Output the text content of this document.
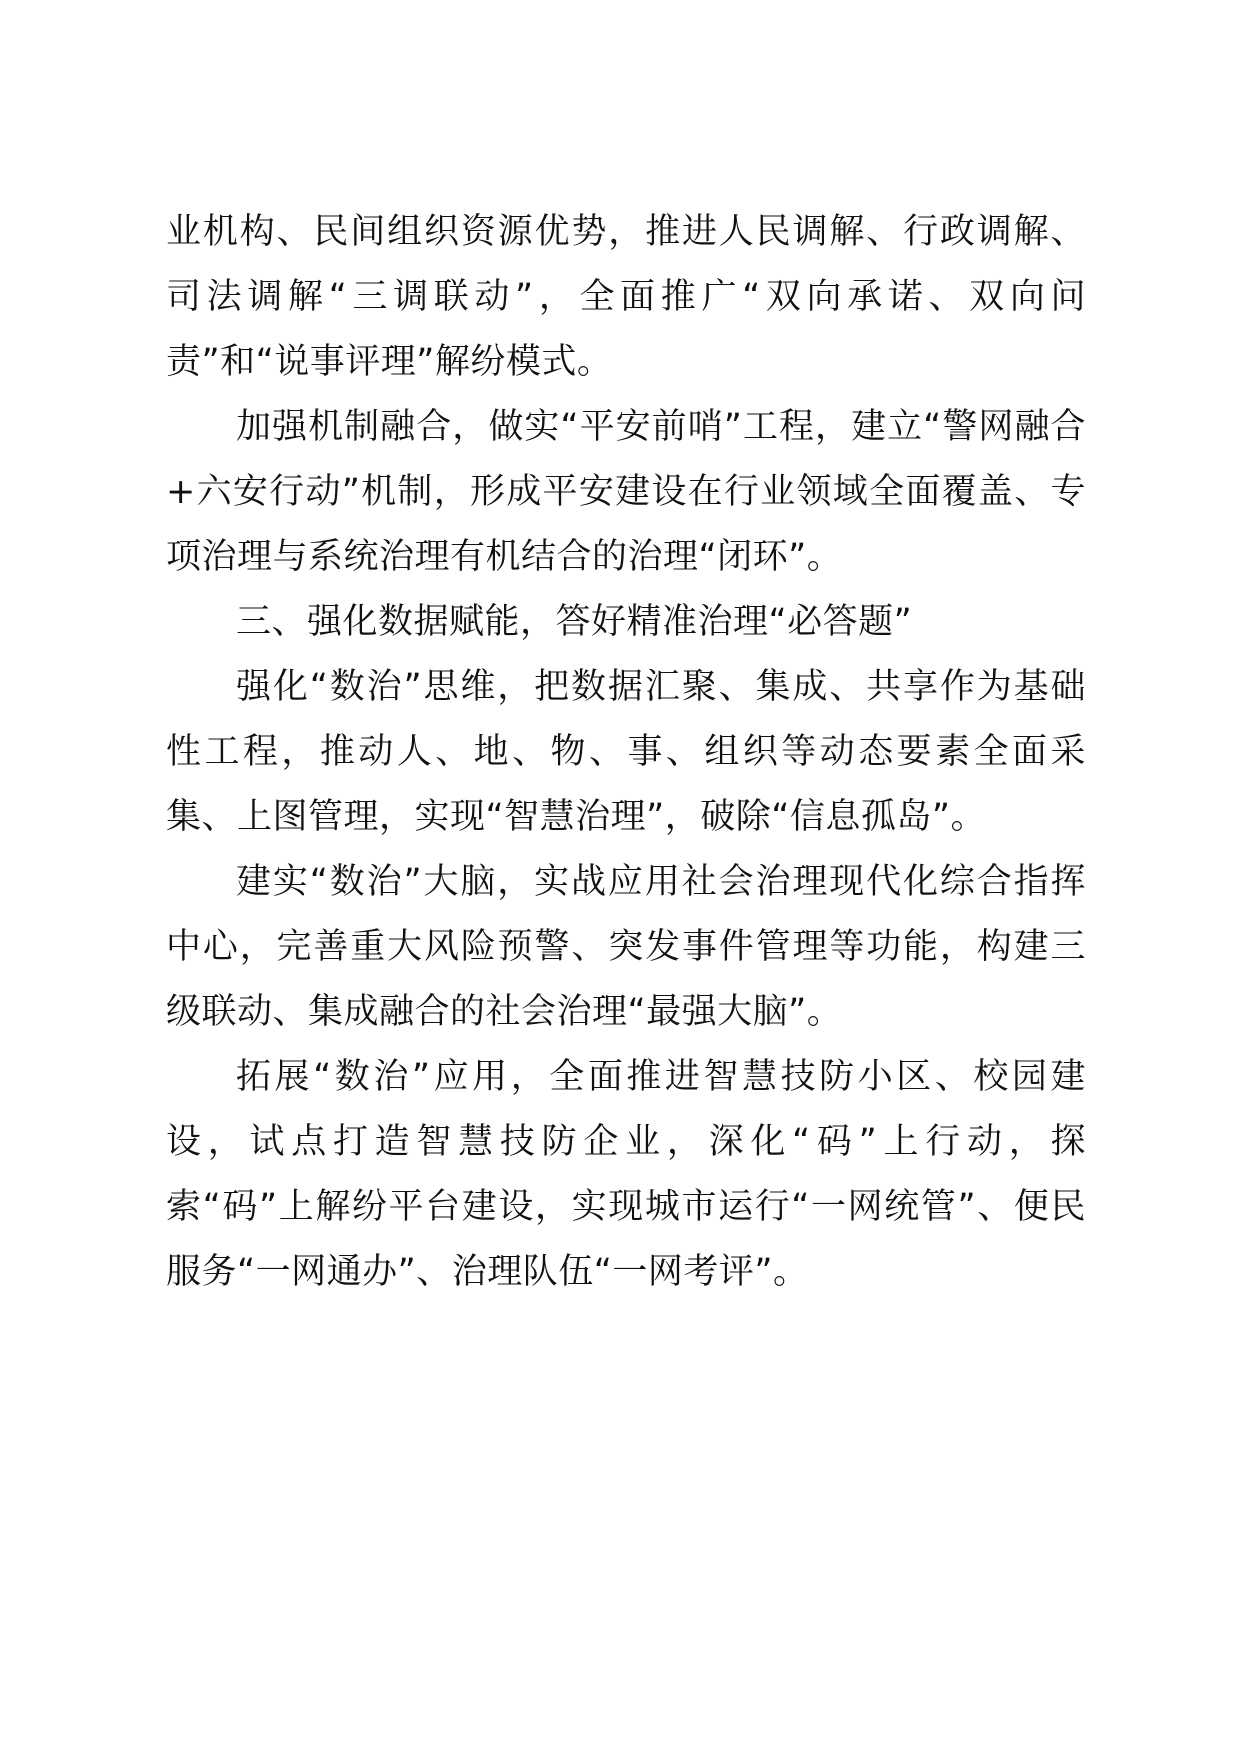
业机构、民间组织资源优势，推进人民调解、行政调解、司法调解“三调联动”，全面推广“双向承诺、双向问责”和“说事评理”解纷模式。

加强机制融合，做实“平安前哨”工程，建立“警网融合+六安行动”机制，形成平安建设在行业领域全面覆盖、专项治理与系统治理有机结合的治理“闭环”。

三、强化数据赋能，答好精准治理“必答题”

强化“数治”思维，把数据汇聚、集成、共享作为基础性工程，推动人、地、物、事、组织等动态要素全面采集、上图管理，实现“智慧治理”，破除“信息孤岛”。

建实“数治”大脑，实战应用社会治理现代化综合指挥中心，完善重大风险预警、突发事件管理等功能，构建三级联动、集成融合的社会治理“最强大脑”。

拓展“数治”应用，全面推进智慧技防小区、校园建设，试点打造智慧技防企业，深化“码”上行动，探索“码”上解纷平台建设，实现城市运行“一网统管”、便民服务“一网通办”、治理队伍“一网考评”。
